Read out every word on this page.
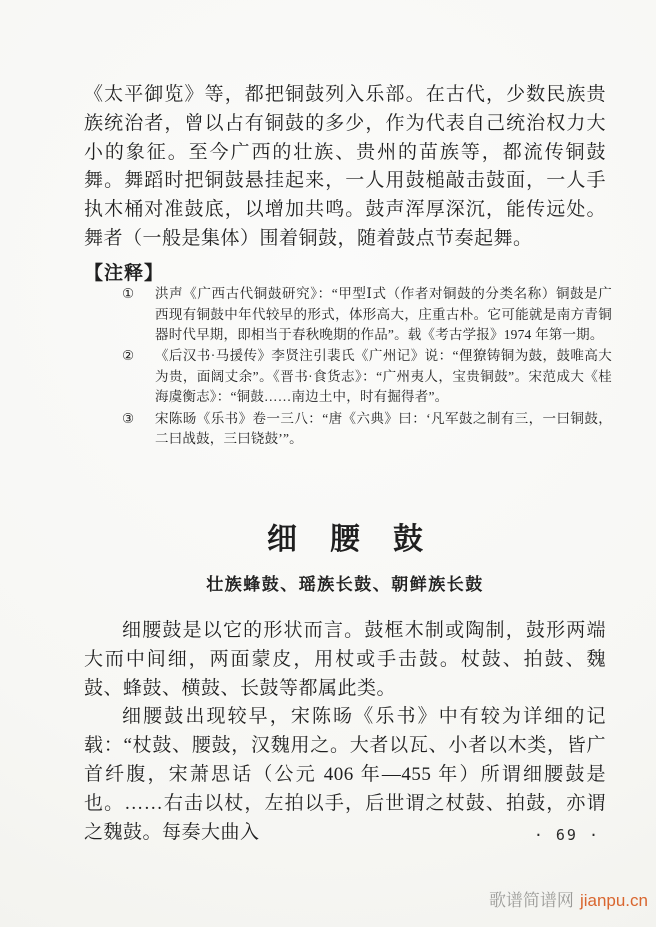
《太平御览》等，都把铜鼓列入乐部。在古代，少数民族贵族统治者，曾以占有铜鼓的多少，作为代表自己统治权力大小的象征。至今广西的壮族、贵州的苗族等，都流传铜鼓舞。舞蹈时把铜鼓悬挂起来，一人用鼓槌敲击鼓面，一人手执木桶对准鼓底，以增加共鸣。鼓声浑厚深沉，能传远处。舞者（一般是集体）围着铜鼓，随着鼓点节奏起舞。
【注释】
①	洪声《广西古代铜鼓研究》：“甲型Ⅰ式（作者对铜鼓的分类名称）铜鼓是广西现有铜鼓中年代较早的形式，体形高大，庄重古朴。它可能就是南方青铜器时代早期，即相当于春秋晚期的作品”。载《考古学报》1974 年第一期。
②	《后汉书·马援传》李贤注引裴氏《广州记》说：“俚獠铸铜为鼓，鼓唯高大为贵，面阔丈余”。《晋书·食货志》：“广州夷人，宝贵铜鼓”。宋范成大《桂海虞衡志》：“铜鼓……南边土中，时有掘得者”。
③	宋陈旸《乐书》卷一三八：“唐《六典》曰：‘凡军鼓之制有三，一曰铜鼓，二曰战鼓，三曰铙鼓’”。
细腰鼓
壮族蜂鼓、瑶族长鼓、朝鲜族长鼓

细腰鼓是以它的形状而言。鼓框木制或陶制，鼓形两端大而中间细，两面蒙皮，用杖或手击鼓。杖鼓、拍鼓、魏鼓、蜂鼓、横鼓、长鼓等都属此类。

细腰鼓出现较早，宋陈旸《乐书》中有较为详细的记载：“杖鼓、腰鼓，汉魏用之。大者以瓦、小者以木类，皆广首纤腹，宋萧思话（公元 406 年—455 年）所谓细腰鼓是也。……右击以杖，左拍以手，后世谓之杖鼓、拍鼓，亦谓之魏鼓。每奏大曲入	· 69 ·
歌谱简谱网 jianpu.cn
